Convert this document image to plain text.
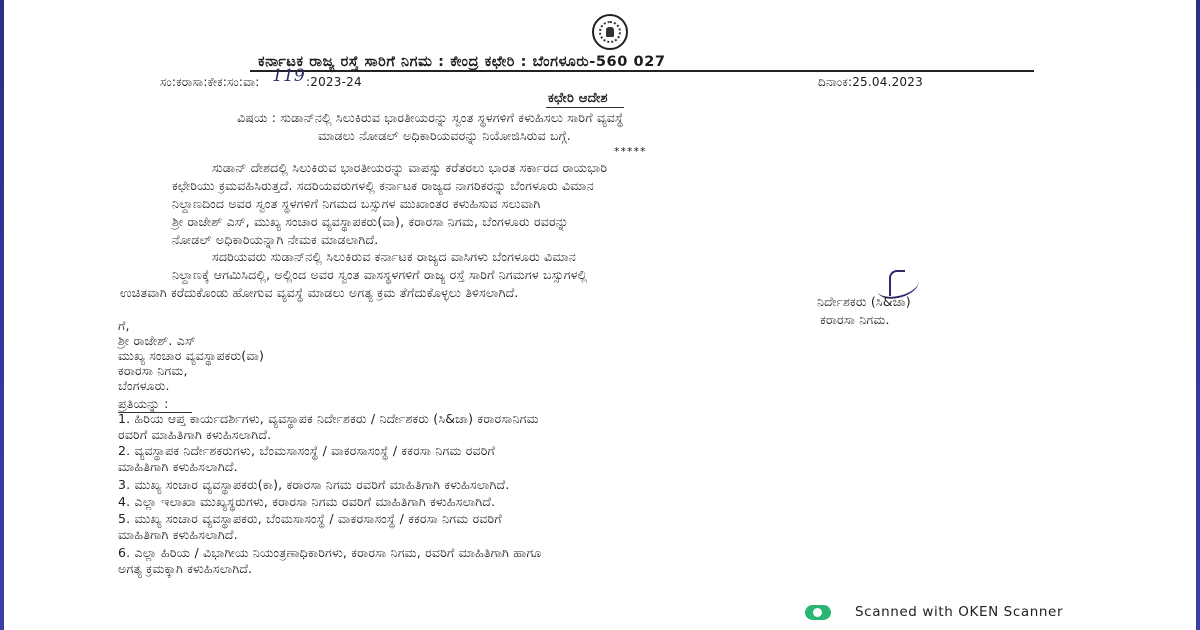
ಕರ್ನಾಟಕ ರಾಜ್ಯ ರಸ್ತೆ ಸಾರಿಗೆ ನಿಗಮ : ಕೇಂದ್ರ ಕಛೇರಿ : ಬೆಂಗಳೂರು-560 027
ಸಂ:ಕರಾಸಾ:ಕೇಕ:ಸಂ:ವಾ: 119 :2023-24	ದಿನಾಂಕ:25.04.2023
ಕಛೇರಿ ಆದೇಶ
ವಿಷಯ : ಸುಡಾನ್‌ನಲ್ಲಿ ಸಿಲುಕಿರುವ ಭಾರತೀಯರನ್ನು ಸ್ವಂತ ಸ್ಥಳಗಳಿಗೆ ಕಳುಹಿಸಲು ಸಾರಿಗೆ ವ್ಯವಸ್ಥೆ
ಮಾಡಲು ನೋಡಲ್ ಅಧಿಕಾರಿಯವರನ್ನು ನಿಯೋಜಿಸಿರುವ ಬಗ್ಗೆ.
*****
ಸುಡಾನ್ ದೇಶದಲ್ಲಿ ಸಿಲುಕಿರುವ ಭಾರತೀಯರನ್ನು ವಾಪಸ್ಸು ಕರೆತರಲು ಭಾರತ ಸರ್ಕಾರದ ರಾಯಭಾರಿ
ಕಛೇರಿಯು ಕ್ರಮವಹಿಸಿರುತ್ತದೆ. ಸದರಿಯವರುಗಳಲ್ಲಿ ಕರ್ನಾಟಕ ರಾಜ್ಯದ ನಾಗರಿಕರನ್ನು ಬೆಂಗಳೂರು ವಿಮಾನ
ನಿಲ್ದಾಣದಿಂದ ಅವರ ಸ್ವಂತ ಸ್ಥಳಗಳಿಗೆ ನಿಗಮದ ಬಸ್ಸುಗಳ ಮುಖಾಂತರ ಕಳುಹಿಸುವ ಸಲುವಾಗಿ
ಶ್ರೀ ರಾಜೇಶ್ ಎಸ್, ಮುಖ್ಯ ಸಂಚಾರ ವ್ಯವಸ್ಥಾಪಕರು(ವಾ), ಕರಾರಸಾ ನಿಗಮ, ಬೆಂಗಳೂರು ರವರನ್ನು
ನೋಡಲ್ ಅಧಿಕಾರಿಯನ್ನಾಗಿ ನೇಮಕ ಮಾಡಲಾಗಿದೆ.
ಸದರಿಯವರು ಸುಡಾನ್‌ನಲ್ಲಿ ಸಿಲುಕಿರುವ ಕರ್ನಾಟಕ ರಾಜ್ಯದ ವಾಸಿಗಳು ಬೆಂಗಳೂರು ವಿಮಾನ
ನಿಲ್ದಾಣಕ್ಕೆ ಆಗಮಿಸಿದಲ್ಲಿ, ಅಲ್ಲಿಂದ ಅವರ ಸ್ವಂತ ವಾಸಸ್ಥಳಗಳಿಗೆ ರಾಜ್ಯ ರಸ್ತೆ ಸಾರಿಗೆ ನಿಗಮಗಳ ಬಸ್ಸುಗಳಲ್ಲಿ
ಉಚಿತವಾಗಿ ಕರೆದುಕೊಂಡು ಹೋಗುವ ವ್ಯವಸ್ಥೆ ಮಾಡಲು ಅಗತ್ಯ ಕ್ರಮ ತೆಗೆದುಕೊಳ್ಳಲು ತಿಳಿಸಲಾಗಿದೆ.
ನಿರ್ದೇಶಕರು (ಸಿ&ಜಾ)
ಕರಾರಸಾ ನಿಗಮ.
ಗೆ,
ಶ್ರೀ ರಾಜೇಶ್. ಎಸ್
ಮುಖ್ಯ ಸಂಚಾರ ವ್ಯವಸ್ಥಾಪಕರು(ವಾ)
ಕರಾರಸಾ ನಿಗಮ,
ಬೆಂಗಳೂರು.
ಪ್ರತಿಯನ್ನು :
1. ಹಿರಿಯ ಆಪ್ತ ಕಾರ್ಯದರ್ಶಿಗಳು, ವ್ಯವಸ್ಥಾಪಕ ನಿರ್ದೇಶಕರು / ನಿರ್ದೇಶಕರು (ಸಿ&ಜಾ) ಕರಾರಸಾನಿಗಮ
ರವರಿಗೆ ಮಾಹಿತಿಗಾಗಿ ಕಳುಹಿಸಲಾಗಿದೆ.
2. ವ್ಯವಸ್ಥಾಪಕ ನಿರ್ದೇಶಕರುಗಳು, ಬೆಂಮಸಾಸಂಸ್ಥೆ / ವಾಕರಸಾಸಂಸ್ಥೆ / ಕಕರಸಾ ನಿಗಮ ರವರಿಗೆ
ಮಾಹಿತಿಗಾಗಿ ಕಳುಹಿಸಲಾಗಿದೆ.
3. ಮುಖ್ಯ ಸಂಚಾರ ವ್ಯವಸ್ಥಾಪಕರು(ಕಾ), ಕರಾರಸಾ ನಿಗಮ ರವರಿಗೆ ಮಾಹಿತಿಗಾಗಿ ಕಳುಹಿಸಲಾಗಿದೆ.
4. ಎಲ್ಲಾ ಇಲಾಖಾ ಮುಖ್ಯಸ್ಥರುಗಳು, ಕರಾರಸಾ ನಿಗಮ ರವರಿಗೆ ಮಾಹಿತಿಗಾಗಿ ಕಳುಹಿಸಲಾಗಿದೆ.
5. ಮುಖ್ಯ ಸಂಚಾರ ವ್ಯವಸ್ಥಾಪಕರು, ಬೆಂಮಸಾಸಂಸ್ಥೆ / ವಾಕರಸಾಸಂಸ್ಥೆ / ಕಕರಸಾ ನಿಗಮ ರವರಿಗೆ
ಮಾಹಿತಿಗಾಗಿ ಕಳುಹಿಸಲಾಗಿದೆ.
6. ಎಲ್ಲಾ ಹಿರಿಯ / ವಿಭಾಗೀಯ ನಿಯಂತ್ರಣಾಧಿಕಾರಿಗಳು, ಕರಾರಸಾ ನಿಗಮ, ರವರಿಗೆ ಮಾಹಿತಿಗಾಗಿ ಹಾಗೂ
ಅಗತ್ಯ ಕ್ರಮಕ್ಕಾಗಿ ಕಳುಹಿಸಲಾಗಿದೆ.
Scanned with OKEN Scanner
